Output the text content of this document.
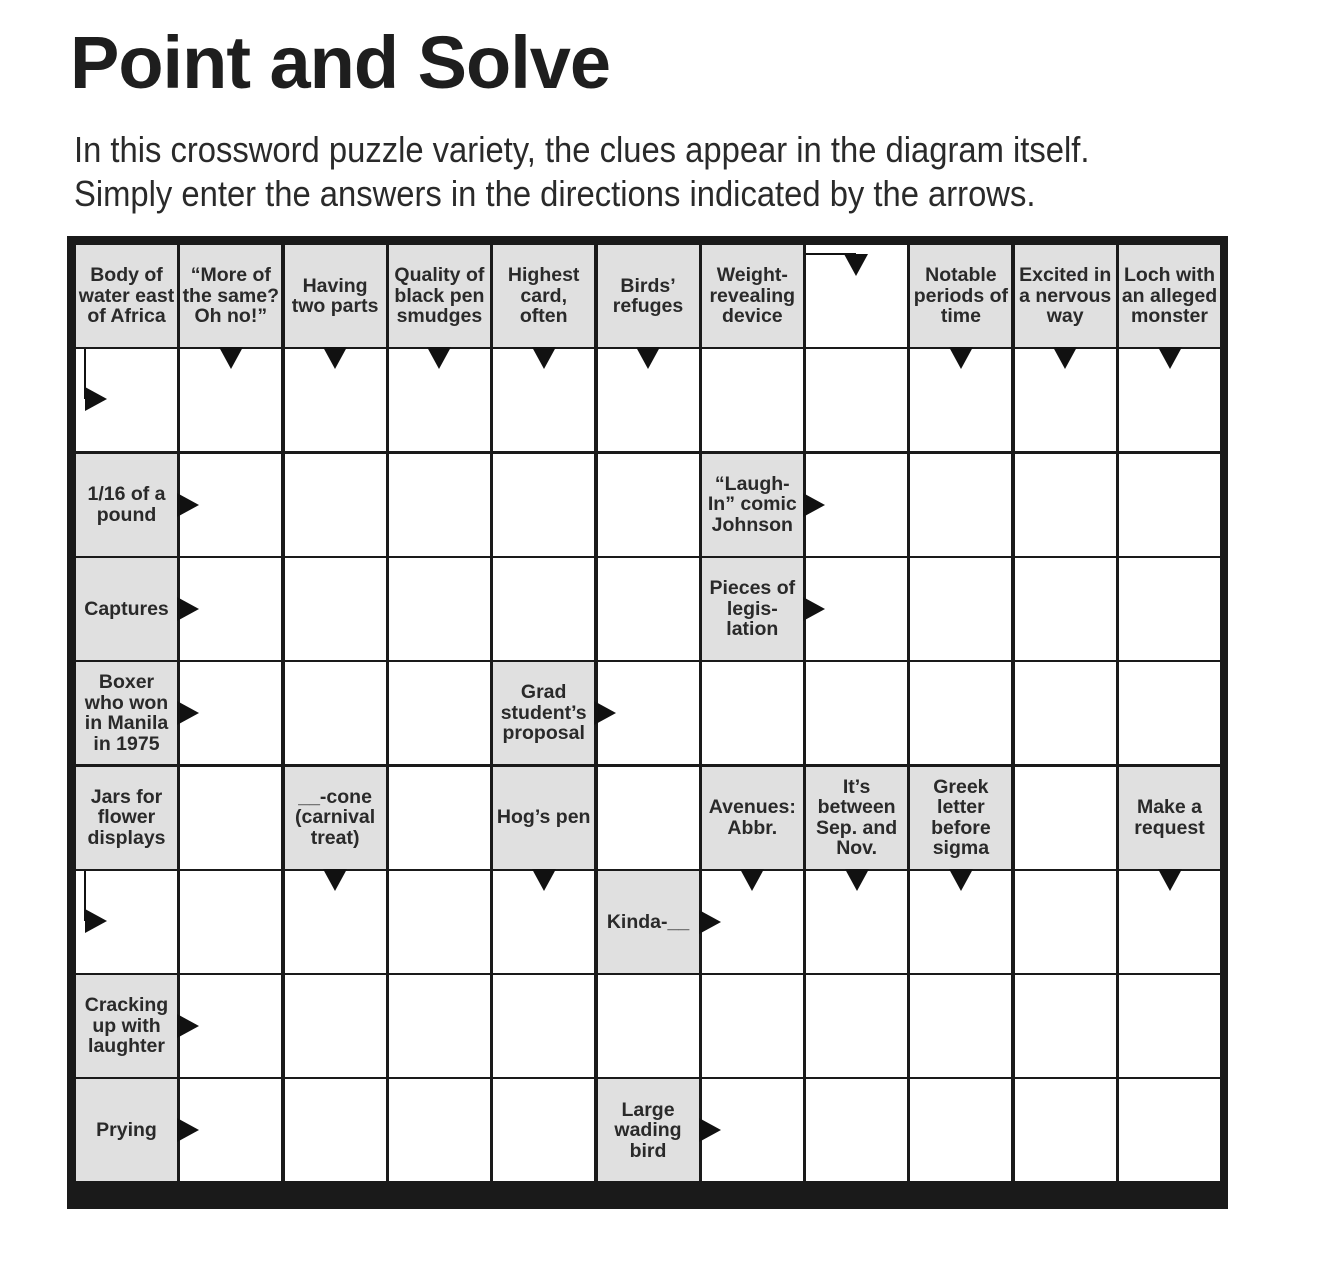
Point and Solve

In this crossword puzzle variety, the clues appear in the diagram itself.

Simply enter the answers in the directions indicated by the arrows.

Body of water east of Africa
“More of the same? Oh no!”
Having two parts
Quality of black pen smudges
Highest card, often
Birds’ refuges
Weight-revealing device
Notable periods of time
Excited in a nervous way
Loch with an alleged monster
1/16 of a pound
“Laugh-In” comic Johnson
Captures
Pieces of legis-lation
Boxer who won in Manila in 1975
Grad student’s proposal
Jars for flower displays
__-cone (carnival treat)
Hog’s pen	Avenues: Abbr.
It’s between Sep. and Nov.
Greek letter before sigma
Make a request
Kinda-__
Cracking up with laughter
Prying
Large wading bird
